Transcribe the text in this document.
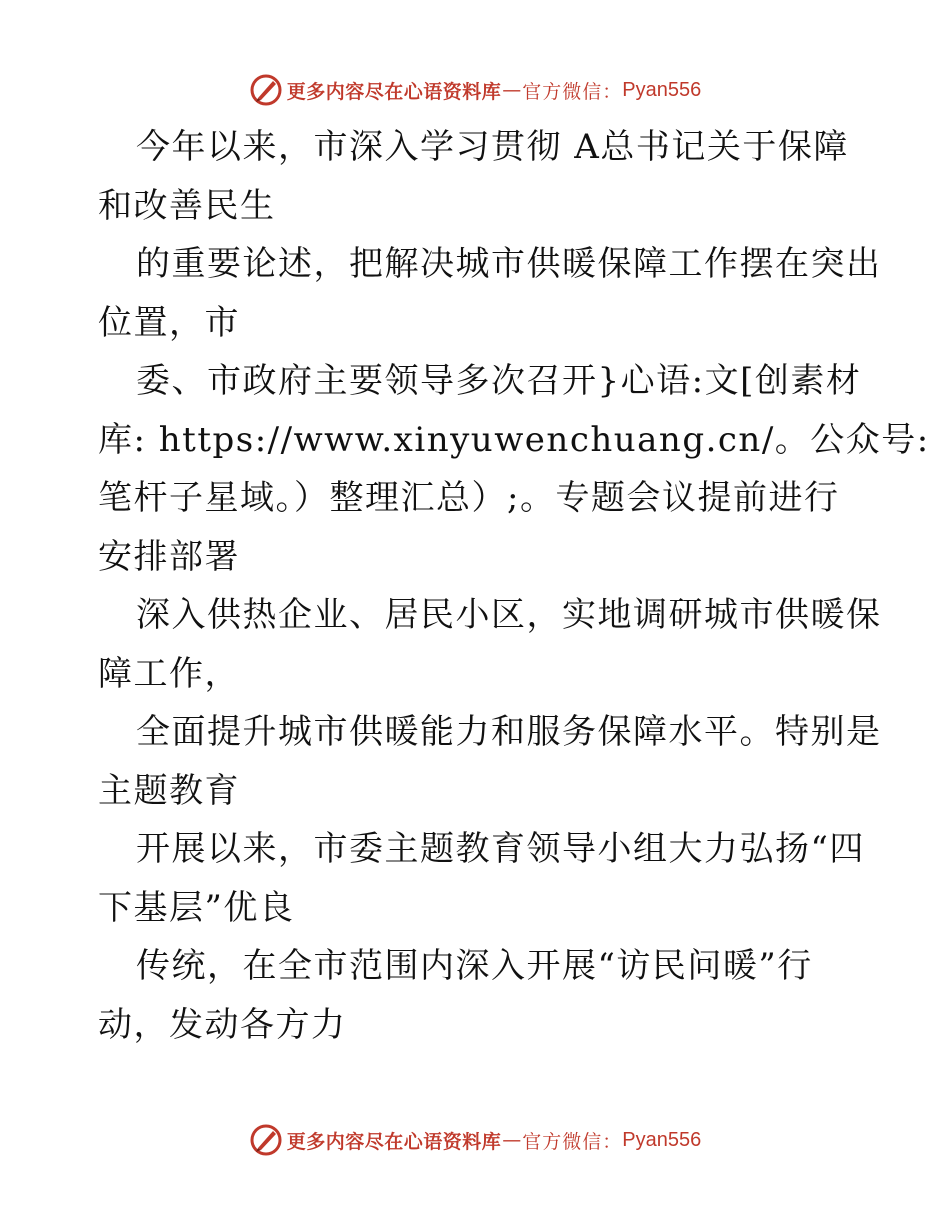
更多内容尽在心语资料库 — 官方微信： Pyan556
今年以来，市深入学习贯彻 A总书记关于保障
和改善民生
的重要论述，把解决城市供暖保障工作摆在突出
位置，市
委、市政府主要领导多次召开}心语:文[创素材
库: https://www.xinyuwenchuang.cn/。公众号:
笔杆子星域。）整理汇总）;。专题会议提前进行
安排部署
深入供热企业、居民小区，实地调研城市供暖保
障工作，
全面提升城市供暖能力和服务保障水平。特别是
主题教育
开展以来，市委主题教育领导小组大力弘扬“四
下基层”优良
传统，在全市范围内深入开展“访民问暖”行
动，发动各方力
更多内容尽在心语资料库 — 官方微信： Pyan556
